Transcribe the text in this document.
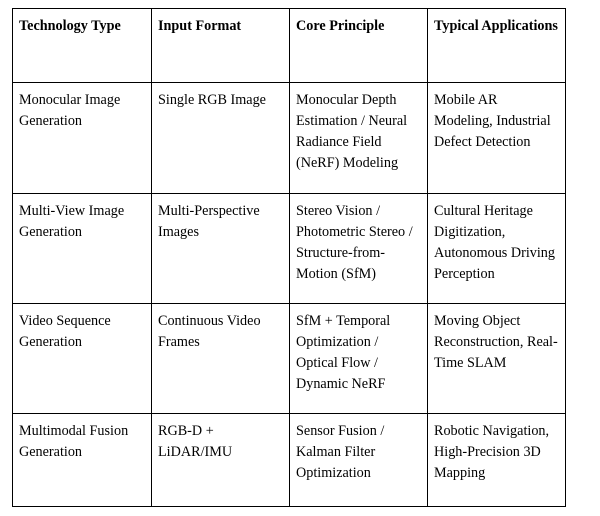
Technology Type	Input Format	Core Principle	Typical Applications
Monocular Image Generation	Single RGB Image	Monocular Depth Estimation / Neural Radiance Field (NeRF) Modeling	Mobile AR Modeling, Industrial Defect Detection
Multi-View Image Generation	Multi-Perspective Images	Stereo Vision / Photometric Stereo / Structure-from-Motion (SfM)	Cultural Heritage Digitization, Autonomous Driving Perception
Video Sequence Generation	Continuous Video Frames	SfM + Temporal Optimization / Optical Flow / Dynamic NeRF	Moving Object Reconstruction, Real-Time SLAM
Multimodal Fusion Generation	RGB-D + LiDAR/IMU	Sensor Fusion / Kalman Filter Optimization	Robotic Navigation, High-Precision 3D Mapping
